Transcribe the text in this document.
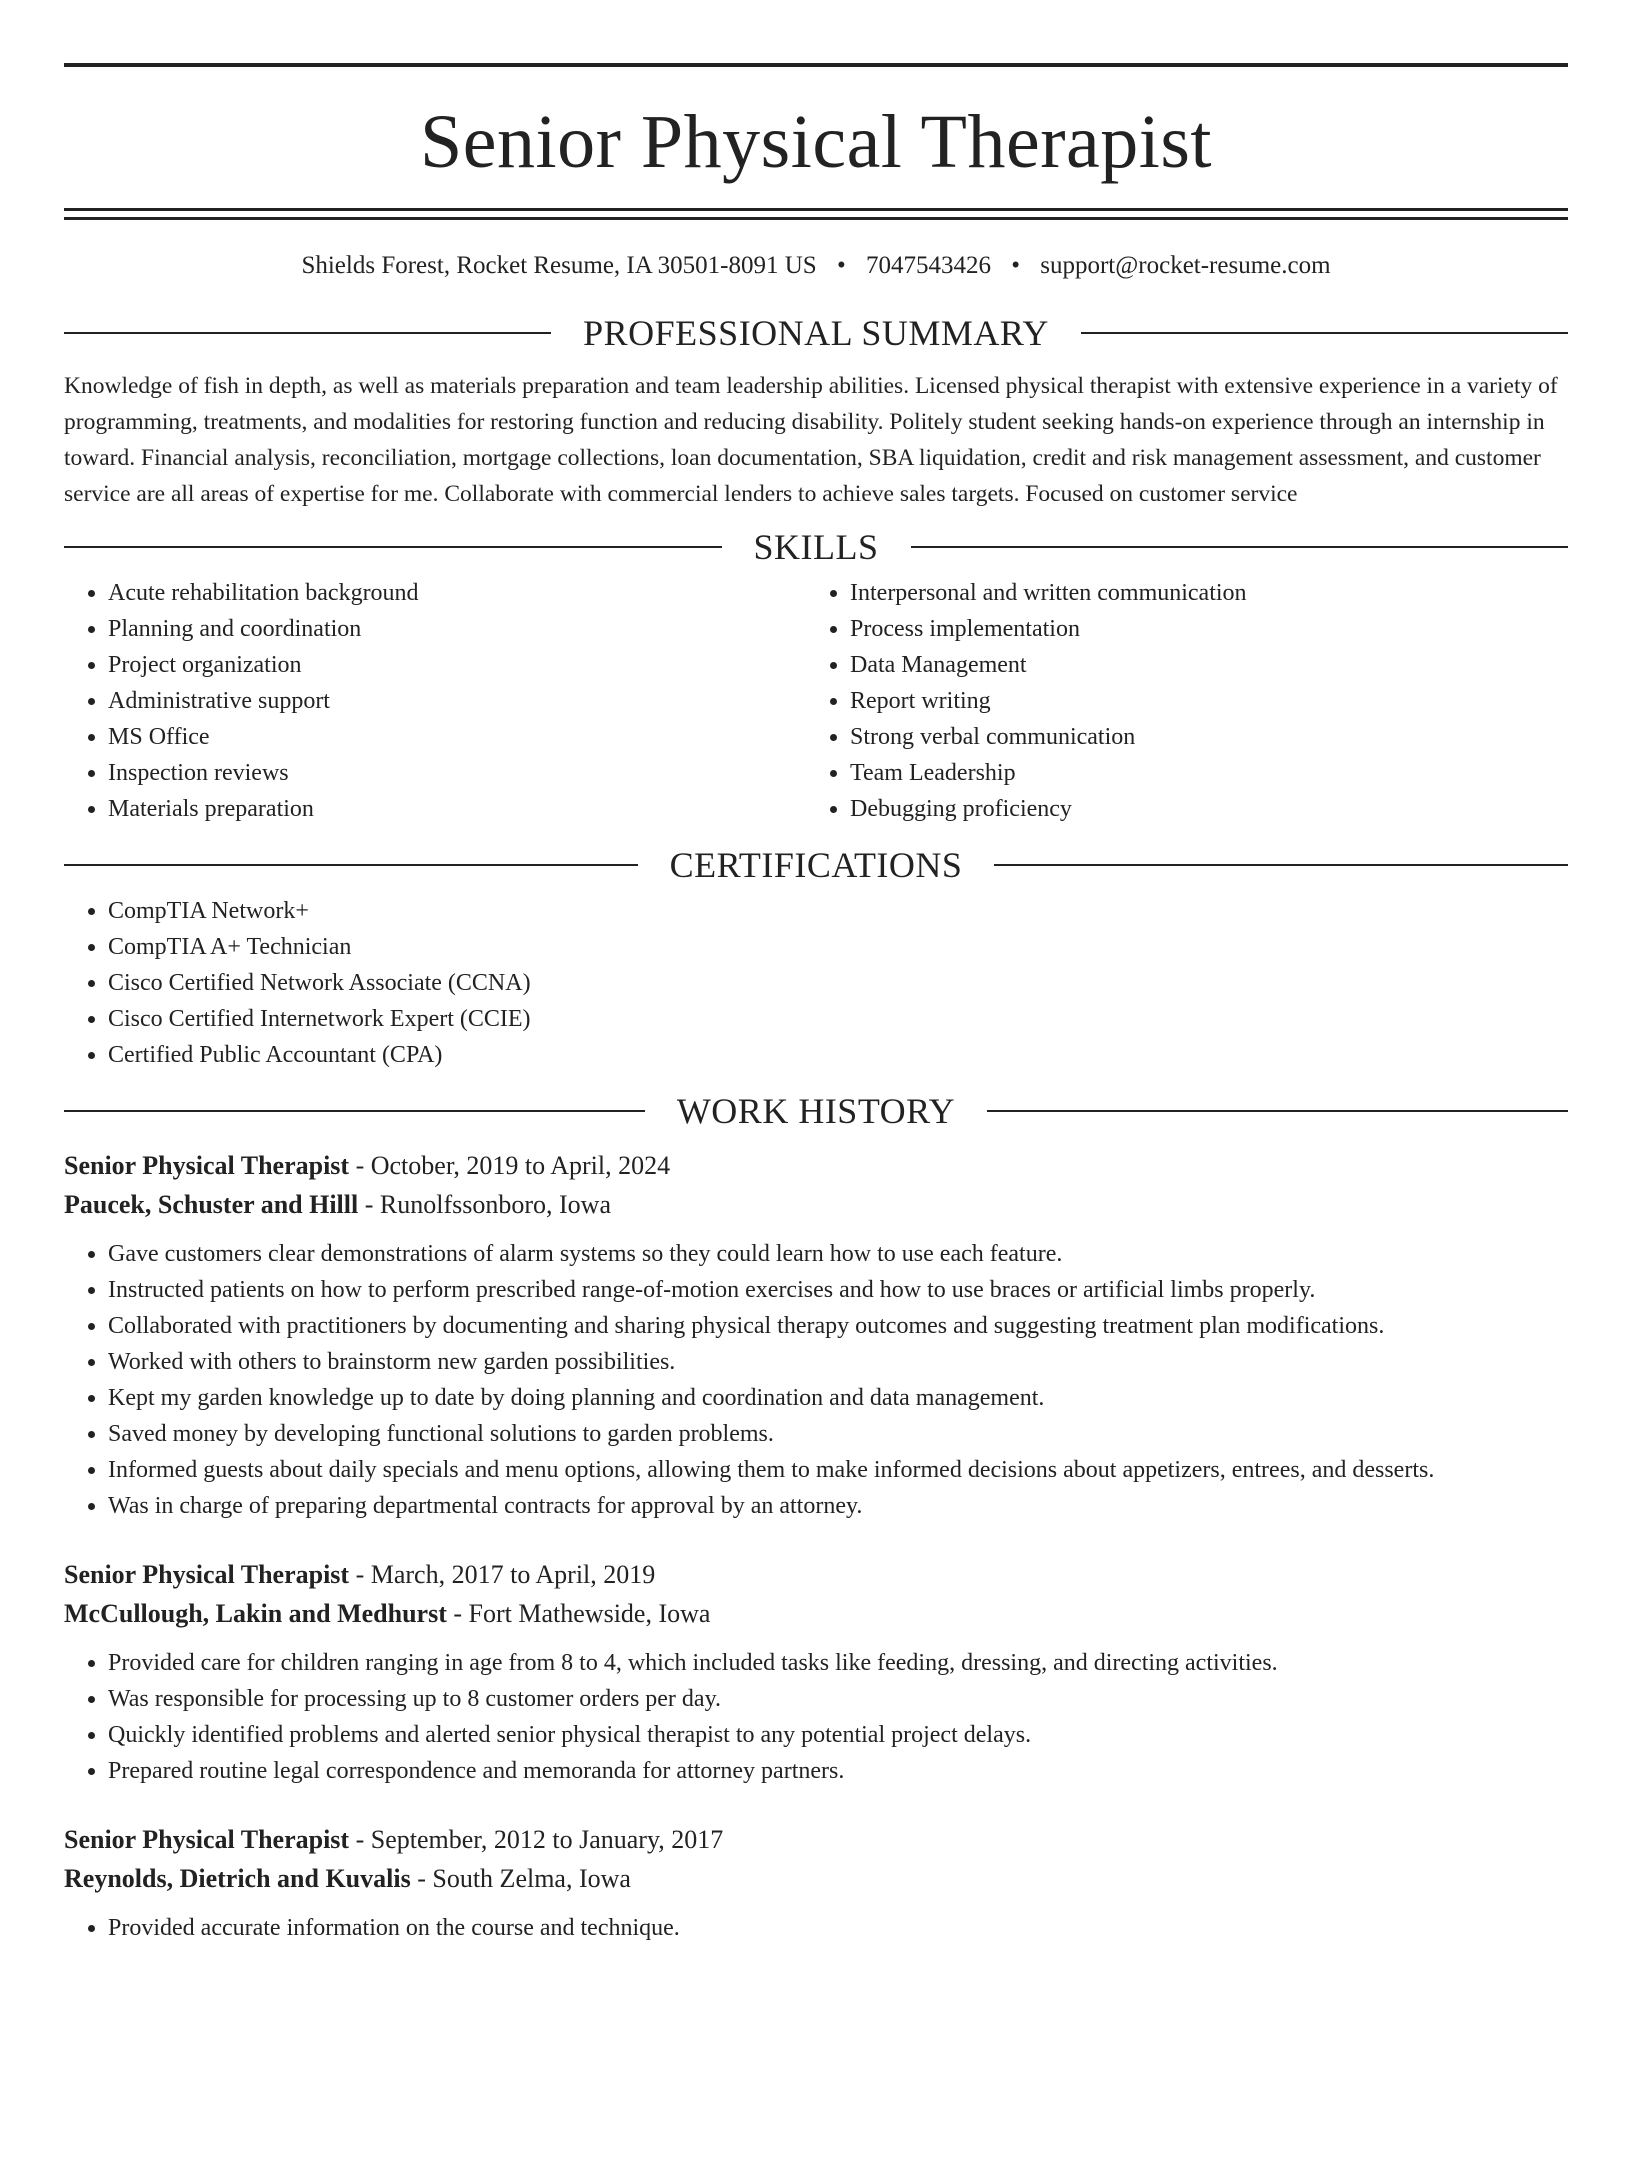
Senior Physical Therapist
Shields Forest, Rocket Resume, IA 30501-8091 US • 7047543426 • support@rocket-resume.com
PROFESSIONAL SUMMARY

Knowledge of fish in depth, as well as materials preparation and team leadership abilities. Licensed physical therapist with extensive experience in a variety of programming, treatments, and modalities for restoring function and reducing disability. Politely student seeking hands-on experience through an internship in toward. Financial analysis, reconciliation, mortgage collections, loan documentation, SBA liquidation, credit and risk management assessment, and customer service are all areas of expertise for me. Collaborate with commercial lenders to achieve sales targets. Focused on customer service

SKILLS
• Acute rehabilitation background
• Planning and coordination
• Project organization
• Administrative support
• MS Office
• Inspection reviews
• Materials preparation
• Interpersonal and written communication
• Process implementation
• Data Management
• Report writing
• Strong verbal communication
• Team Leadership
• Debugging proficiency
CERTIFICATIONS
• CompTIA Network+
• CompTIA A+ Technician
• Cisco Certified Network Associate (CCNA)
• Cisco Certified Internetwork Expert (CCIE)
• Certified Public Accountant (CPA)
WORK HISTORY
Senior Physical Therapist - October, 2019 to April, 2024
Paucek, Schuster and Hilll - Runolfssonboro, Iowa
• Gave customers clear demonstrations of alarm systems so they could learn how to use each feature.
• Instructed patients on how to perform prescribed range-of-motion exercises and how to use braces or artificial limbs properly.
• Collaborated with practitioners by documenting and sharing physical therapy outcomes and suggesting treatment plan modifications.
• Worked with others to brainstorm new garden possibilities.
• Kept my garden knowledge up to date by doing planning and coordination and data management.
• Saved money by developing functional solutions to garden problems.
• Informed guests about daily specials and menu options, allowing them to make informed decisions about appetizers, entrees, and desserts.
• Was in charge of preparing departmental contracts for approval by an attorney.
Senior Physical Therapist - March, 2017 to April, 2019
McCullough, Lakin and Medhurst - Fort Mathewside, Iowa
• Provided care for children ranging in age from 8 to 4, which included tasks like feeding, dressing, and directing activities.
• Was responsible for processing up to 8 customer orders per day.
• Quickly identified problems and alerted senior physical therapist to any potential project delays.
• Prepared routine legal correspondence and memoranda for attorney partners.
Senior Physical Therapist - September, 2012 to January, 2017
Reynolds, Dietrich and Kuvalis - South Zelma, Iowa
• Provided accurate information on the course and technique.
